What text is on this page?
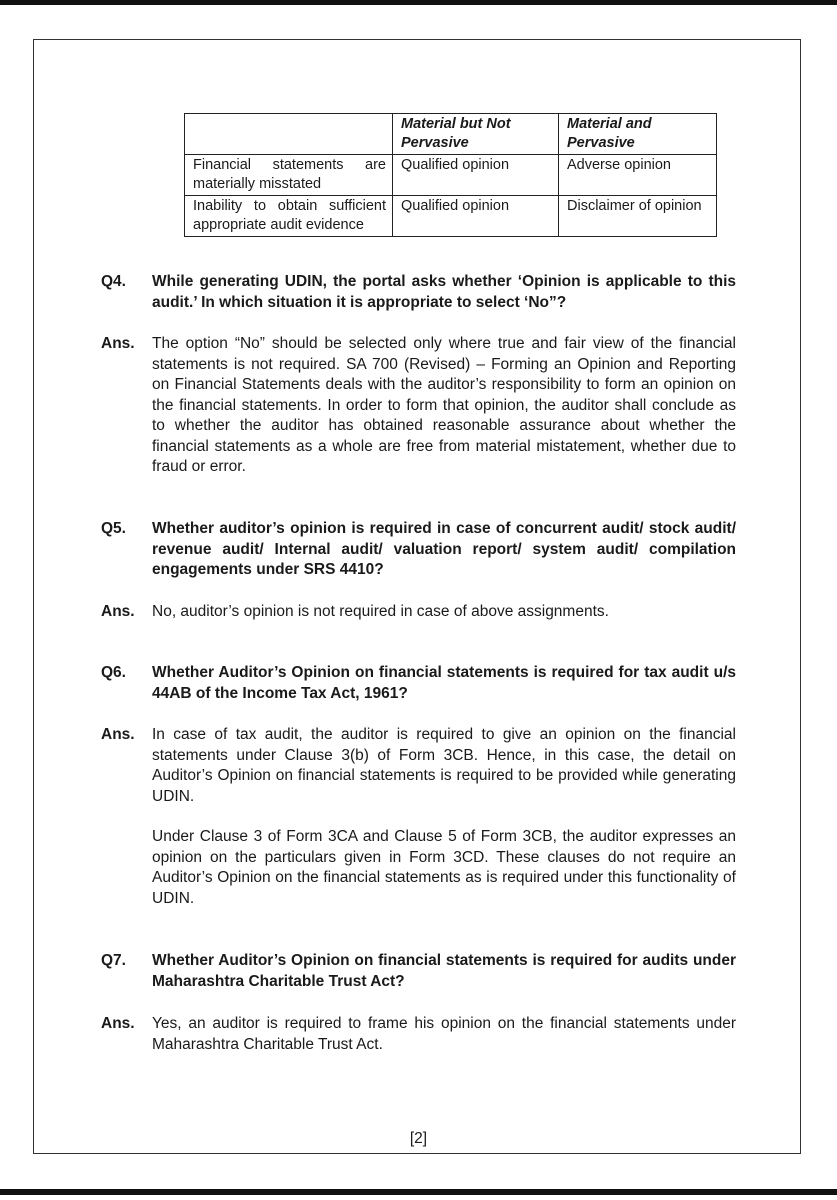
	Material but Not Pervasive	Material and Pervasive
Financial statements are materially misstated	Qualified opinion	Adverse opinion
Inability to obtain sufficient appropriate audit evidence	Qualified opinion	Disclaimer of opinion
Q4. While generating UDIN, the portal asks whether ‘Opinion is applicable to this audit.’ In which situation it is appropriate to select ‘No”?
Ans. The option “No” should be selected only where true and fair view of the financial statements is not required. SA 700 (Revised) – Forming an Opinion and Reporting on Financial Statements deals with the auditor’s responsibility to form an opinion on the financial statements. In order to form that opinion, the auditor shall conclude as to whether the auditor has obtained reasonable assurance about whether the financial statements as a whole are free from material mistatement, whether due to fraud or error.
Q5. Whether auditor’s opinion is required in case of concurrent audit/ stock audit/ revenue audit/ Internal audit/ valuation report/ system audit/ compilation engagements under SRS 4410?
Ans. No, auditor’s opinion is not required in case of above assignments.
Q6. Whether Auditor’s Opinion on financial statements is required for tax audit u/s 44AB of the Income Tax Act, 1961?
Ans. In case of tax audit, the auditor is required to give an opinion on the financial statements under Clause 3(b) of Form 3CB. Hence, in this case, the detail on Auditor’s Opinion on financial statements is required to be provided while generating UDIN.

Under Clause 3 of Form 3CA and Clause 5 of Form 3CB, the auditor expresses an opinion on the particulars given in Form 3CD. These clauses do not require an Auditor’s Opinion on the financial statements as is required under this functionality of UDIN.

Q7. Whether Auditor’s Opinion on financial statements is required for audits under Maharashtra Charitable Trust Act?
Ans. Yes, an auditor is required to frame his opinion on the financial statements under Maharashtra Charitable Trust Act.
[2]
